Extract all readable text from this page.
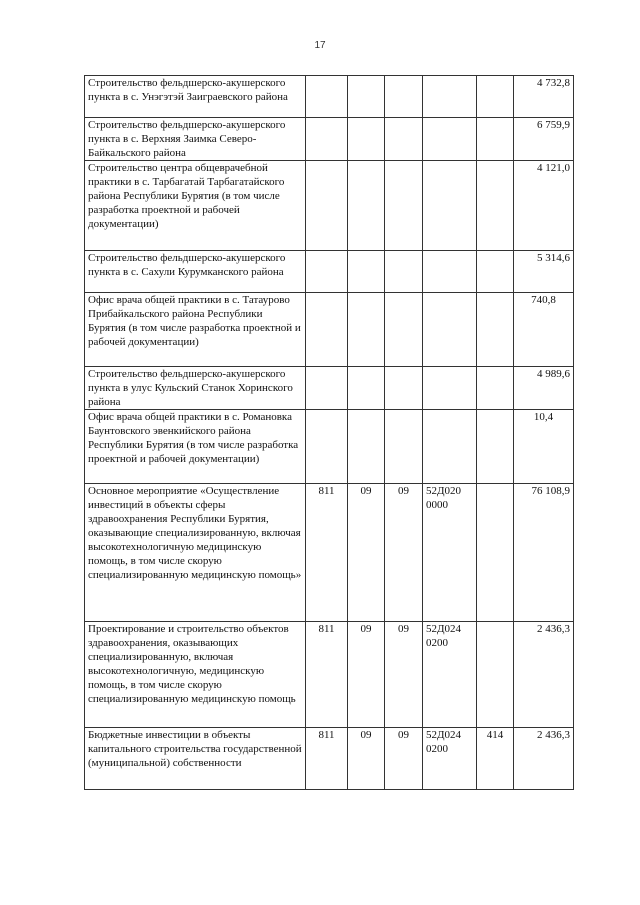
17
Строительство фельдшерско-акушерского пункта в с. Унэгэтэй Заиграевского района						4 732,8
Строительство фельдшерско-акушерского пункта в с. Верхняя Заимка Северо-Байкальского района						6 759,9
Строительство центра общеврачебной практики в с. Тарбагатай Тарбагатайского района Республики Бурятия (в том числе разработка проектной и рабочей документации)						4 121,0
Строительство фельдшерско-акушерского пункта в с. Сахули Курумканского района						5 314,6
Офис врача общей практики в с. Татаурово Прибайкальского района Республики Бурятия (в том числе разработка проектной и рабочей документации)						740,8
Строительство фельдшерско-акушерского пункта в улус Кульский Станок Хоринского района						4 989,6
Офис врача общей практики в с. Романовка Баунтовского эвенкийского района Республики Бурятия (в том числе разработка проектной и рабочей документации)						10,4
Основное мероприятие «Осуществление инвестиций в объекты сферы здравоохранения Республики Бурятия, оказывающие специализированную, включая высокотехнологичную медицинскую помощь, в том числе скорую специализированную медицинскую помощь»	811	09	09	52Д020 0000		76 108,9
Проектирование и строительство объектов здравоохранения, оказывающих специализированную, включая высокотехнологичную, медицинскую помощь, в том числе скорую специализированную медицинскую помощь	811	09	09	52Д024 0200		2 436,3
Бюджетные инвестиции в объекты капитального строительства государственной (муниципальной) собственности	811	09	09	52Д024 0200	414	2 436,3
